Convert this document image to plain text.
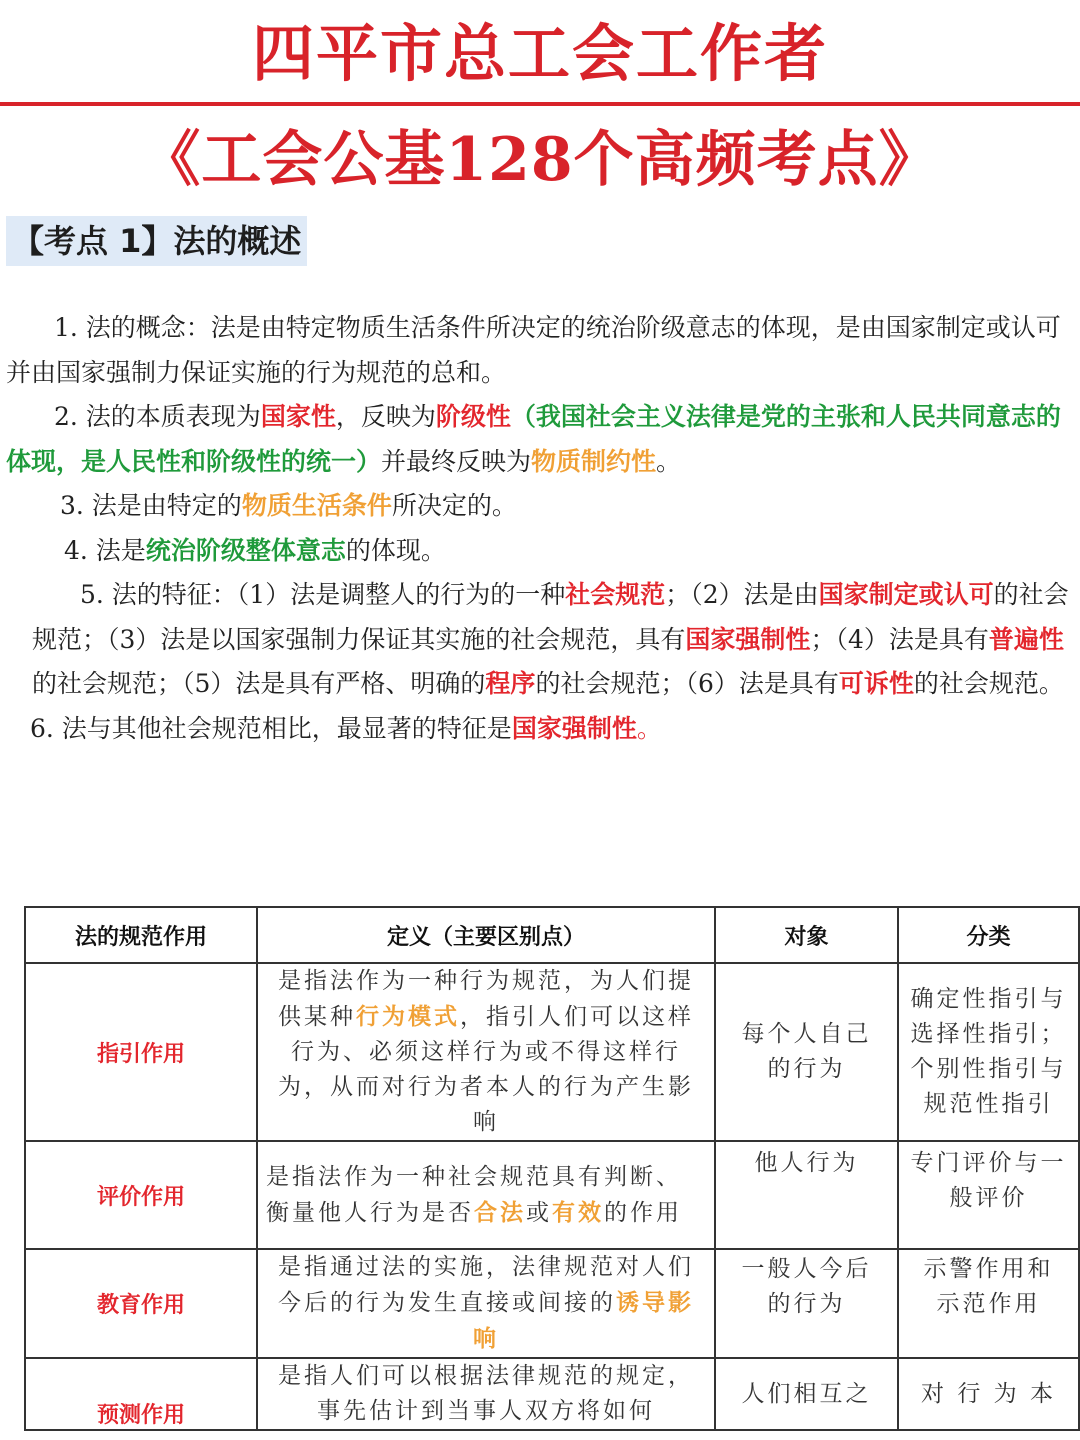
四平市总工会工作者
《工会公基128个高频考点》
【考点 1】法的概述

1. 法的概念：法是由特定物质生活条件所决定的统治阶级意志的体现，是由国家制定或认可并由国家强制力保证实施的行为规范的总和。

2. 法的本质表现为国家性，反映为阶级性（我国社会主义法律是党的主张和人民共同意志的体现，是人民性和阶级性的统一）并最终反映为物质制约性。

3. 法是由特定的物质生活条件所决定的。

4. 法是统治阶级整体意志的体现。

5. 法的特征：（1）法是调整人的行为的一种社会规范；（2）法是由国家制定或认可的社会规范；（3）法是以国家强制力保证其实施的社会规范，具有国家强制性；（4）法是具有普遍性的社会规范；（5）法是具有严格、明确的程序的社会规范；（6）法是具有可诉性的社会规范。

6. 法与其他社会规范相比，最显著的特征是国家强制性。

法的规范作用	定义（主要区别点）	对象	分类
指引作用	是指法作为一种行为规范，为人们提供某种行为模式，指引人们可以这样行为、必须这样行为或不得这样行为，从而对行为者本人的行为产生影响	每个人自己的行为	确定性指引与选择性指引；个别性指引与规范性指引
评价作用	是指法作为一种社会规范具有判断、衡量他人行为是否合法或有效的作用	他人行为	专门评价与一般评价
教育作用	是指通过法的实施，法律规范对人们今后的行为发生直接或间接的诱导影响	一般人今后的行为	示警作用和示范作用
预测作用	是指人们可以根据法律规范的规定，事先估计到当事人双方将如何	人们相互之	对 行 为 本
